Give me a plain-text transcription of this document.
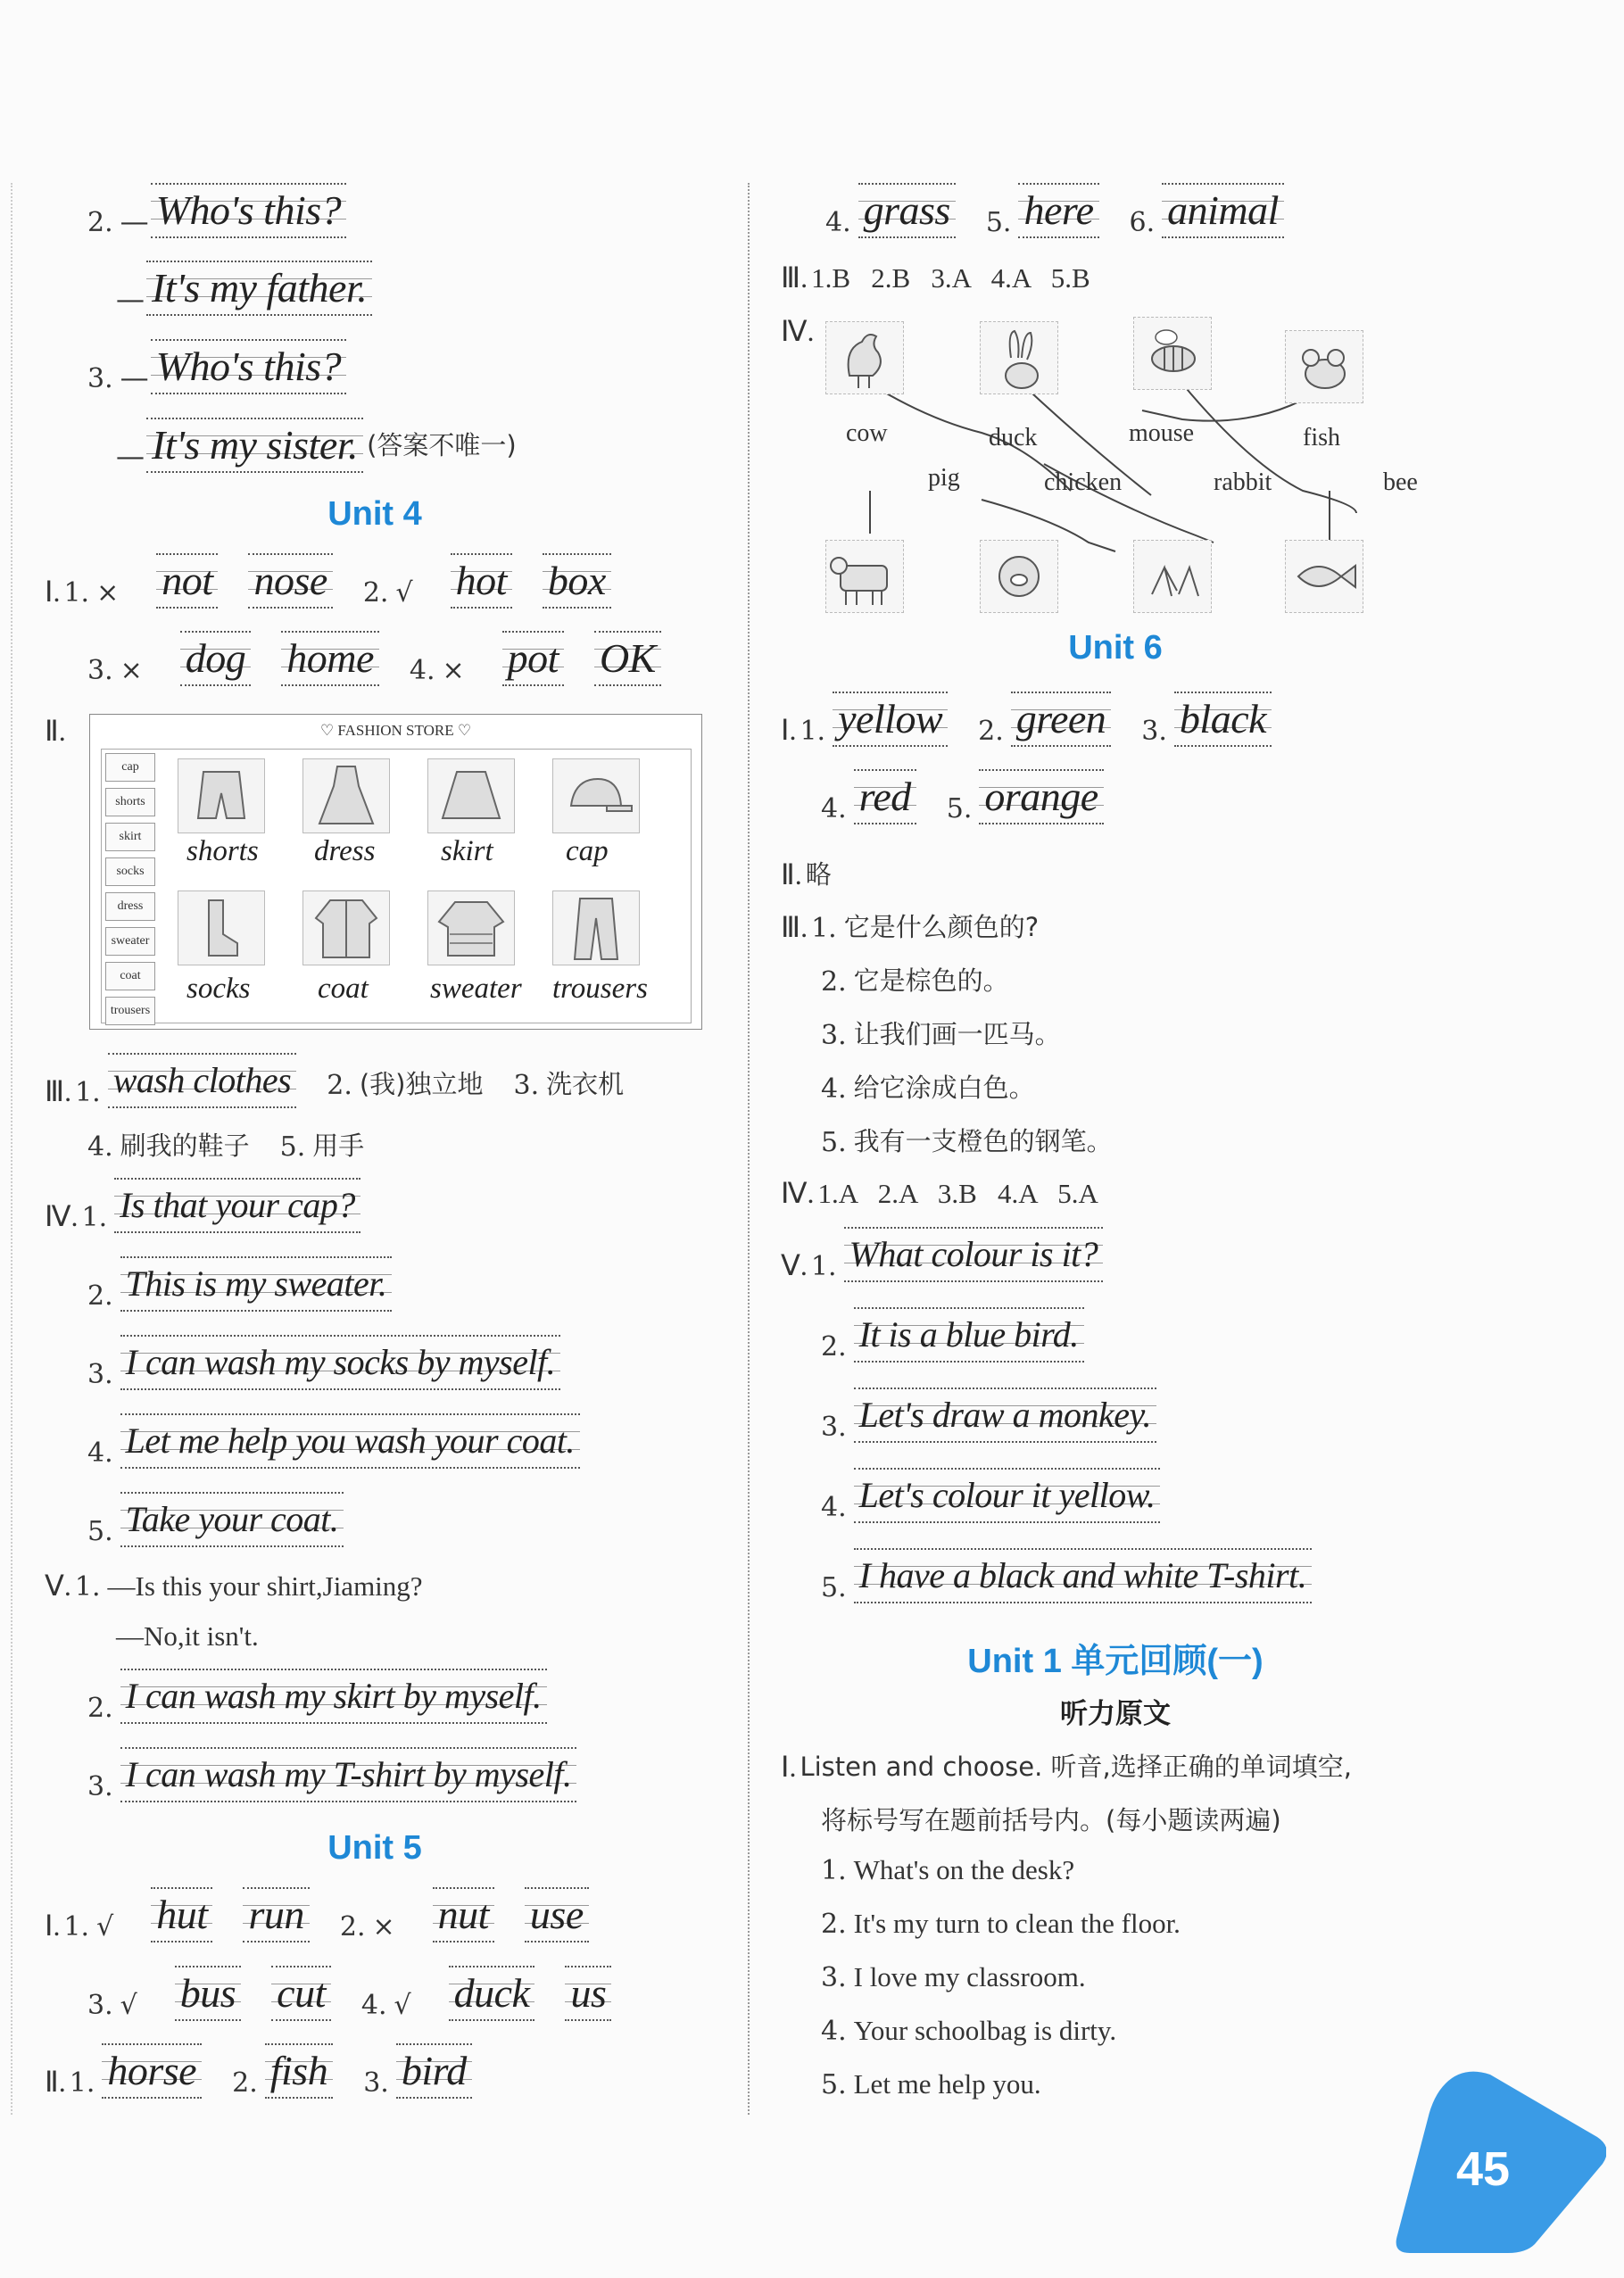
2. — Who's this?
— It's my father.
3. — Who's this?
— It's my sister. (答案不唯一)
Unit 4
Ⅰ. 1. × not nose 2. √ hot box
3. × dog home 4. × pot OK
Ⅱ.	♡ FASHION STORE ♡
cap
shorts
skirt
socks
dress
sweater
coat
trousers
shorts dress skirt cap
socks coat sweater trousers
Ⅲ. 1. wash clothes 2. (我)独立地 3. 洗衣机
4. 刷我的鞋子 5. 用手
Ⅳ. 1. Is that your cap?
2. This is my sweater.
3. I can wash my socks by myself.
4. Let me help you wash your coat.
5. Take your coat.
Ⅴ. 1. —Is this your shirt,Jiaming?
—No,it isn't.
2. I can wash my skirt by myself.
3. I can wash my T-shirt by myself.
Unit 5
Ⅰ. 1. √ hut run 2. × nut use
3. √ bus cut 4. √ duck us
Ⅱ. 1. horse 2. fish 3. bird
4. grass 5. here 6. animal
Ⅲ. 1.B   2.B   3.A   4.A   5.B
Ⅳ.
cow	duck	mouse	fish
pig	chicken	rabbit	bee
Unit 6
Ⅰ. 1. yellow 2. green 3. black
4. red 5. orange
Ⅱ. 略
Ⅲ. 1. 它是什么颜色的?
2. 它是棕色的。
3. 让我们画一匹马。
4. 给它涂成白色。
5. 我有一支橙色的钢笔。
Ⅳ. 1.A   2.A   3.B   4.A   5.A
Ⅴ. 1. What colour is it?
2. It is a blue bird.
3. Let's draw a monkey.
4. Let's colour it yellow.
5. I have a black and white T-shirt.
Unit 1 单元回顾(一)
听力原文
Ⅰ. Listen and choose. 听音,选择正确的单词填空,
将标号写在题前括号内。(每小题读两遍)
1. What's on the desk?
2. It's my turn to clean the floor.
3. I love my classroom.
4. Your schoolbag is dirty.
5. Let me help you.
45
